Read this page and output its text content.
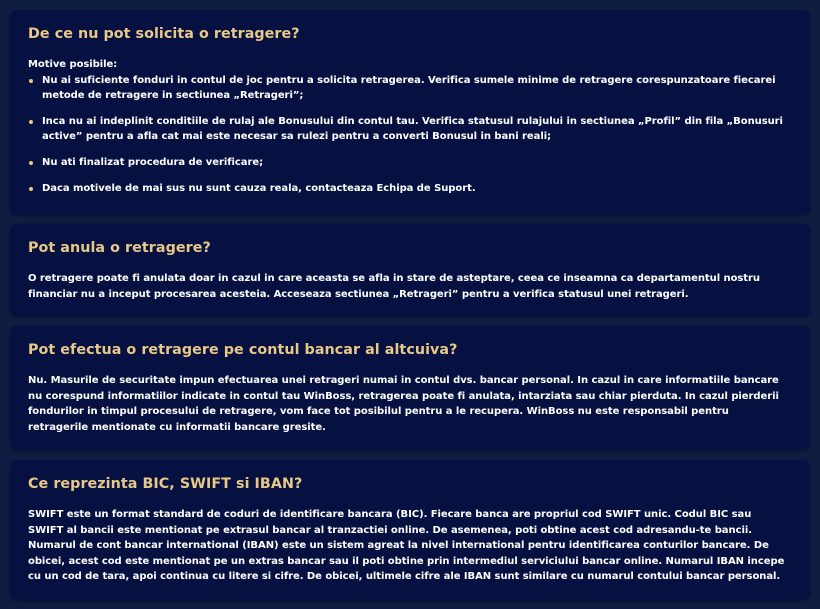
De ce nu pot solicita o retragere?
Motive posibile:
Nu ai suficiente fonduri in contul de joc pentru a solicita retragerea. Verifica sumele minime de retragere corespunzatoare fiecarei metode de retragere in sectiunea „Retrageri”;
Inca nu ai indeplinit conditiile de rulaj ale Bonusului din contul tau. Verifica statusul rulajului in sectiunea „Profil” din fila „Bonusuri active” pentru a afla cat mai este necesar sa rulezi pentru a converti Bonusul in bani reali;
Nu ati finalizat procedura de verificare;
Daca motivele de mai sus nu sunt cauza reala, contacteaza Echipa de Suport.
Pot anula o retragere?

O retragere poate fi anulata doar in cazul in care aceasta se afla in stare de asteptare, ceea ce inseamna ca departamentul nostru financiar nu a inceput procesarea acesteia. Acceseaza sectiunea „Retrageri” pentru a verifica statusul unei retrageri.

Pot efectua o retragere pe contul bancar al altcuiva?

Nu. Masurile de securitate impun efectuarea unei retrageri numai in contul dvs. bancar personal. In cazul in care informatiile bancare nu corespund informatiilor indicate in contul tau WinBoss, retragerea poate fi anulata, intarziata sau chiar pierduta. In cazul pierderii fondurilor in timpul procesului de retragere, vom face tot posibilul pentru a le recupera. WinBoss nu este responsabil pentru retragerile mentionate cu informatii bancare gresite.

Ce reprezinta BIC, SWIFT si IBAN?

SWIFT este un format standard de coduri de identificare bancara (BIC). Fiecare banca are propriul cod SWIFT unic. Codul BIC sau SWIFT al bancii este mentionat pe extrasul bancar al tranzactiei online. De asemenea, poti obtine acest cod adresandu-te bancii. Numarul de cont bancar international (IBAN) este un sistem agreat la nivel international pentru identificarea conturilor bancare. De obicei, acest cod este mentionat pe un extras bancar sau il poti obtine prin intermediul serviciului bancar online. Numarul IBAN incepe cu un cod de tara, apoi continua cu litere si cifre. De obicei, ultimele cifre ale IBAN sunt similare cu numarul contului bancar personal.
